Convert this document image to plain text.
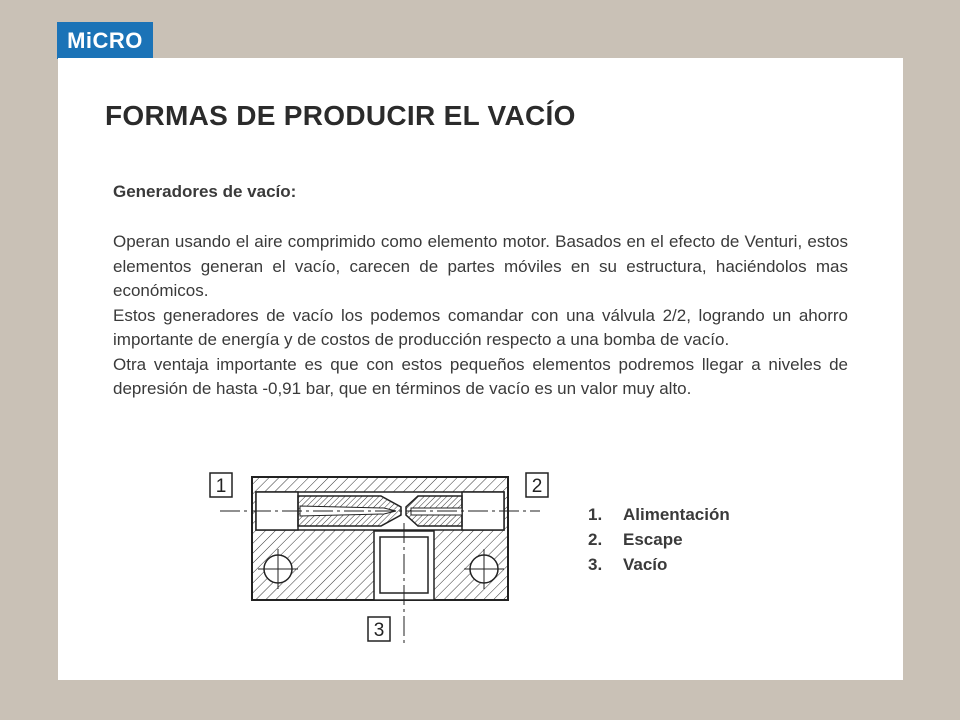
MiCRO
FORMAS DE PRODUCIR EL VACÍO
Generadores de vacío:

Operan usando el aire comprimido como elemento motor. Basados en el efecto de Venturi, estos elementos generan el vacío, carecen de partes móviles en su estructura, haciéndolos mas económicos.

Estos generadores de vacío los podemos comandar con una válvula 2/2, logrando un ahorro importante de energía y de costos de producción respecto a una bomba de vacío.

Otra ventaja importante es que con estos pequeños elementos podremos llegar a niveles de depresión de hasta -0,91 bar, que en términos de vacío es un valor muy alto.

1	2
3
1.	Alimentación
2.	Escape
3.	Vacío
